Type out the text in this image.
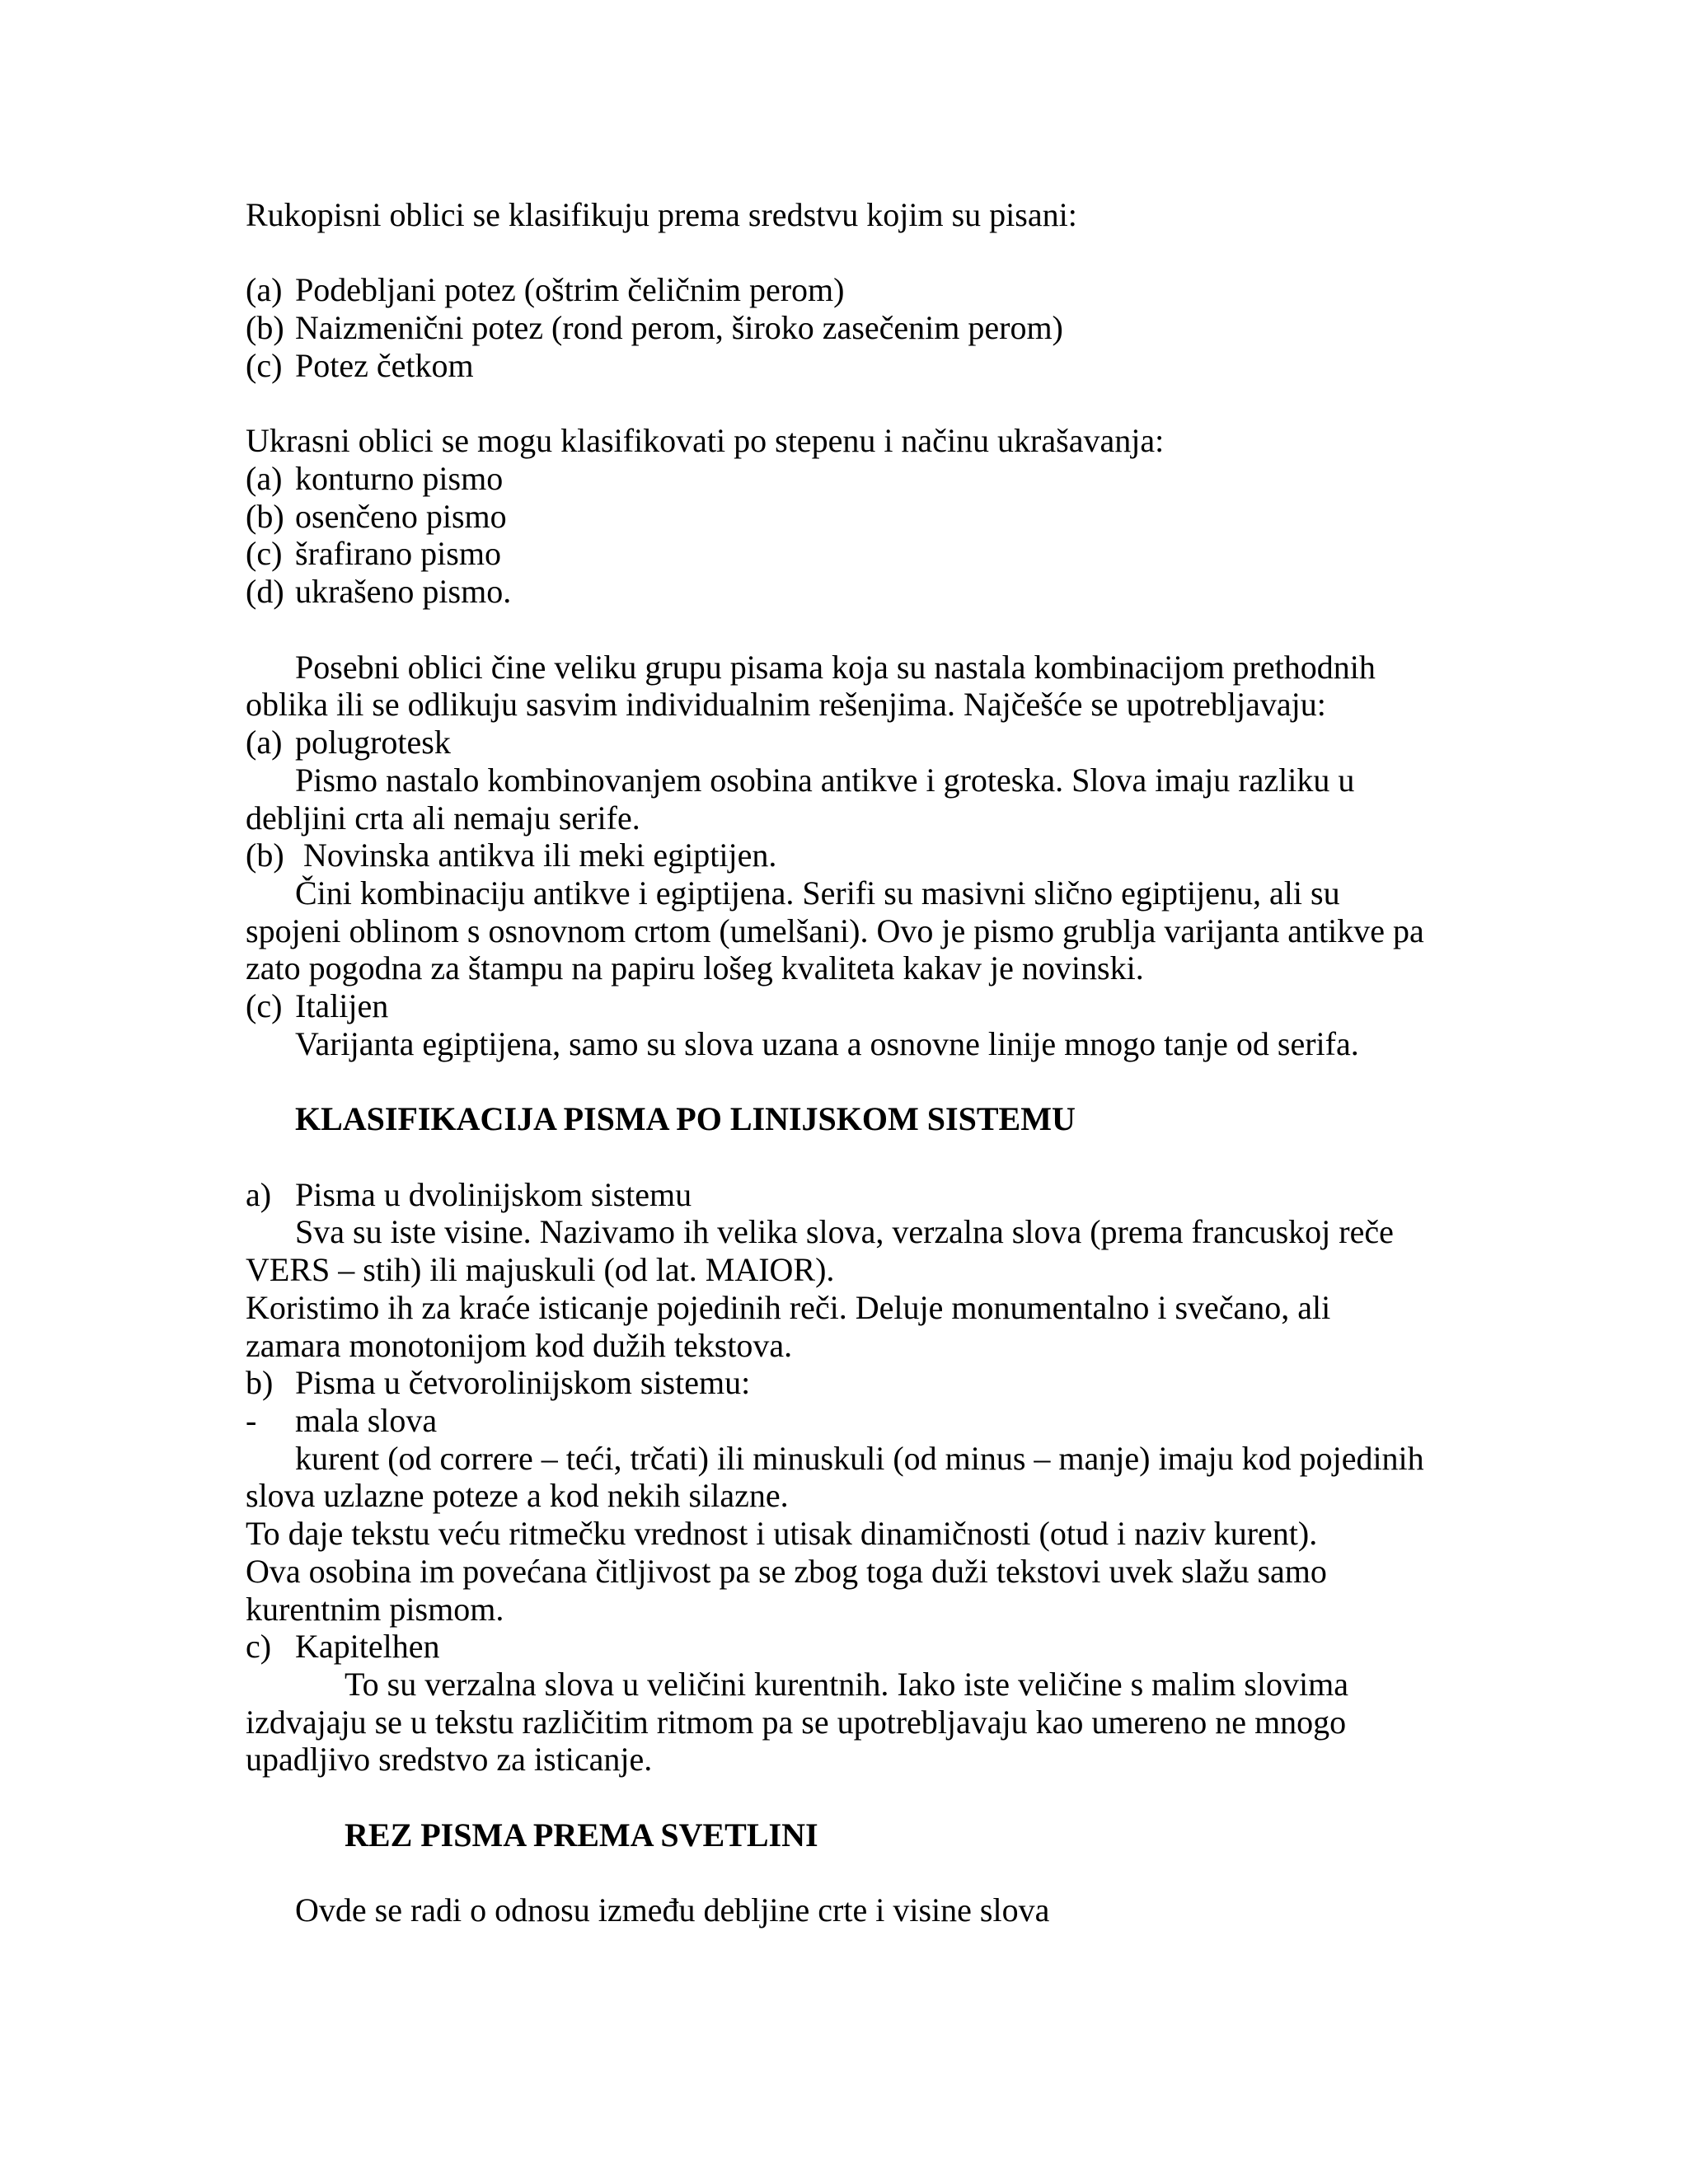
Rukopisni oblici se klasifikuju prema sredstvu kojim su pisani:
(a) Podebljani potez (oštrim čeličnim perom)
(b) Naizmenični potez (rond perom, široko zasečenim perom)
(c) Potez četkom
Ukrasni oblici se mogu klasifikovati po stepenu i načinu ukrašavanja:
(a) konturno pismo
(b) osenčeno pismo
(c) šrafirano pismo
(d) ukrašeno pismo.
Posebni oblici čine veliku grupu pisama koja su nastala kombinacijom prethodnih
oblika ili se odlikuju sasvim individualnim rešenjima. Najčešće se upotrebljavaju:
(a) polugrotesk
Pismo nastalo kombinovanjem osobina antikve i groteska. Slova imaju razliku u
debljini crta ali nemaju serife.
(b) Novinska antikva ili meki egiptijen.
Čini kombinaciju antikve i egiptijena. Serifi su masivni slično egiptijenu, ali su
spojeni oblinom s osnovnom crtom (umelšani). Ovo je pismo grublja varijanta antikve pa
zato pogodna za štampu na papiru lošeg kvaliteta kakav je novinski.
(c) Italijen
Varijanta egiptijena, samo su slova uzana a osnovne linije mnogo tanje od serifa.
KLASIFIKACIJA PISMA PO LINIJSKOM SISTEMU
a) Pisma u dvolinijskom sistemu
Sva su iste visine. Nazivamo ih velika slova, verzalna slova (prema francuskoj reče
VERS – stih) ili majuskuli (od lat. MAIOR).
Koristimo ih za kraće isticanje pojedinih reči. Deluje monumentalno i svečano, ali
zamara monotonijom kod dužih tekstova.
b) Pisma u četvorolinijskom sistemu:
- mala slova
kurent (od correre – teći, trčati) ili minuskuli (od minus – manje) imaju kod pojedinih
slova uzlazne poteze a kod nekih silazne.
To daje tekstu veću ritmečku vrednost i utisak dinamičnosti (otud i naziv kurent).
Ova osobina im povećana čitljivost pa se zbog toga duži tekstovi uvek slažu samo
kurentnim pismom.
c) Kapitelhen
To su verzalna slova u veličini kurentnih. Iako iste veličine s malim slovima
izdvajaju se u tekstu različitim ritmom pa se upotrebljavaju kao umereno ne mnogo
upadljivo sredstvo za isticanje.
REZ PISMA PREMA SVETLINI
Ovde se radi o odnosu između debljine crte i visine slova
